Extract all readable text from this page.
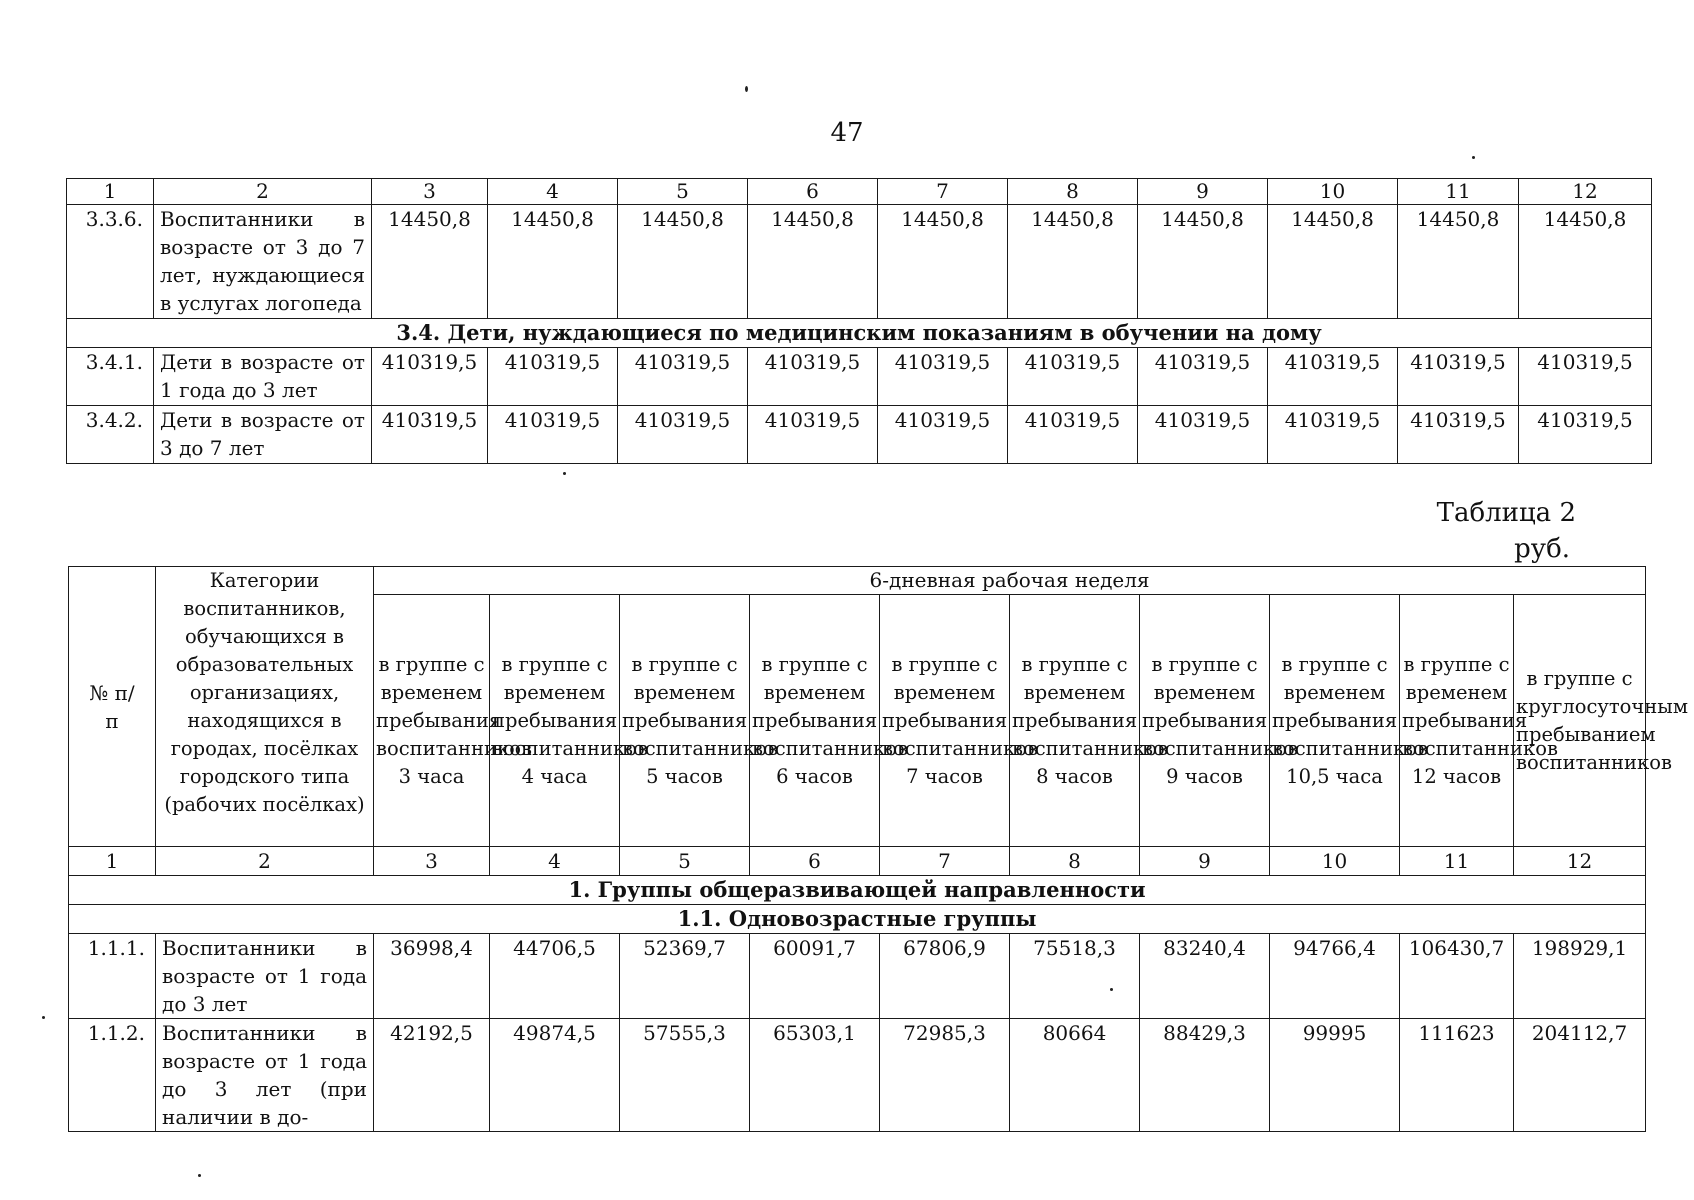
47
1	2	3	4	5	6	7	8	9	10	11	12
3.3.6.	Воспитанники в возрасте от 3 до 7 лет, нуждающиеся в услугах логопеда	14450,8	14450,8	14450,8	14450,8	14450,8	14450,8	14450,8	14450,8	14450,8	14450,8
3.4. Дети, нуждающиеся по медицинским показаниям в обучении на дому											
3.4.1.	Дети в возрасте от 1 года до 3 лет	410319,5	410319,5	410319,5	410319,5	410319,5	410319,5	410319,5	410319,5	410319,5	410319,5
3.4.2.	Дети в возрасте от 3 до 7 лет	410319,5	410319,5	410319,5	410319,5	410319,5	410319,5	410319,5	410319,5	410319,5	410319,5
Таблица 2
руб.
№ п/п	Категории воспитанников, обучающихся в образовательных организациях, находящихся в городах, посёлках городского типа (рабочих посёлках)	6-дневная рабочая неделя									
		в группе с временем пребывания воспитанников 3 часа	в группе с временем пребывания воспитанников 4 часа	в группе с временем пребывания воспитанников 5 часов	в группе с временем пребывания воспитанников 6 часов	в группе с временем пребывания воспитанников 7 часов	в группе с временем пребывания воспитанников 8 часов	в группе с временем пребывания воспитанников 9 часов	в группе с временем пребывания воспитанников 10,5 часа	в группе с временем пребывания воспитанников 12 часов	в группе с круглосуточным пребыванием воспитанников
1	2	3	4	5	6	7	8	9	10	11	12
1. Группы общеразвивающей направленности											
1.1. Одновозрастные группы											
1.1.1.	Воспитанники в возрасте от 1 года до 3 лет	36998,4	44706,5	52369,7	60091,7	67806,9	75518,3	83240,4	94766,4	106430,7	198929,1
1.1.2.	Воспитанники в возрасте от 1 года до 3 лет (при наличии в до-	42192,5	49874,5	57555,3	65303,1	72985,3	80664	88429,3	99995	111623	204112,7
